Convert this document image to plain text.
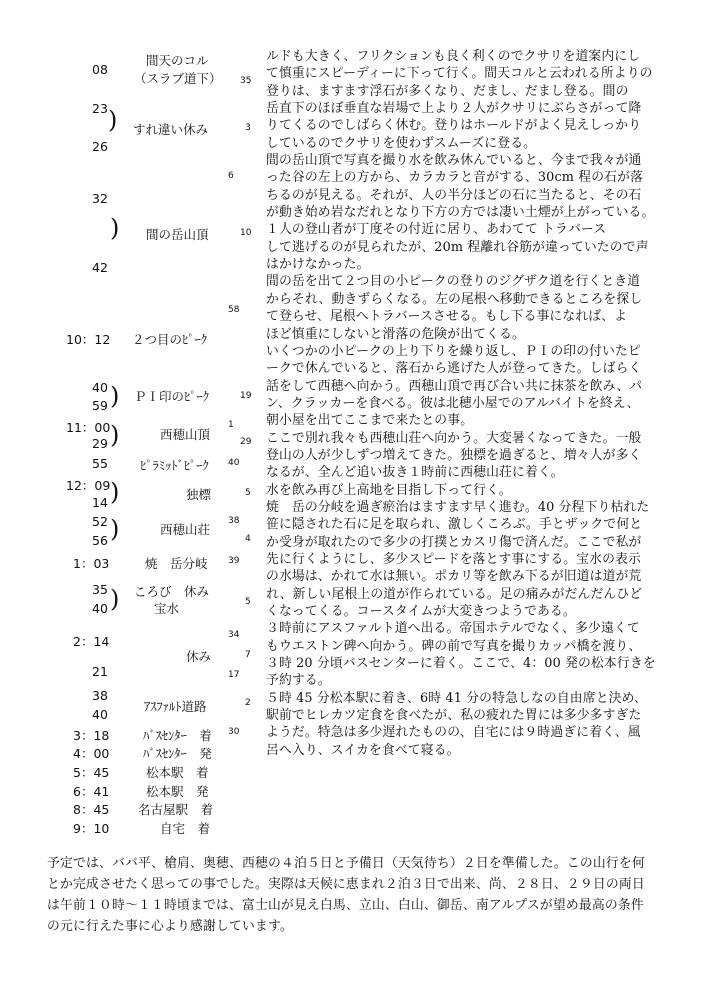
ルドも大きく、フリクションも良く利くのでクサリを道案内にし
て慎重にスピーディーに下って行く。間天コルと云われる所よりの
登りは、ますます浮石が多くなり、だまし、だまし登る。間の
岳直下のほぼ垂直な岩場で上より２人がクサリにぶらさがって降
りてくるのでしばらく休む。登りはホールドがよく見えしっかり
しているのでクサリを使わずスムーズに登る。
間の岳山頂で写真を撮り水を飲み休んでいると、今まで我々が通
った谷の左上の方から、カラカラと音がする、30cm 程の石が落
ちるのが見える。それが、人の半分ほどの石に当たると、その石
が動き始め岩なだれとなり下方の方では凄い土煙が上がっている。
１人の登山者が丁度その付近に居り、あわてて トラバース
して逃げるのが見られたが、20m 程離れ谷筋が違っていたので声
はかけなかった。
間の岳を出て２つ目の小ピークの登りのジグザク道を行くとき道
からそれ、動きずらくなる。左の尾根へ移動できるところを探し
て登らせ、尾根へトラバースさせる。もし下る事になれば、よ
ほど慎重にしないと滑落の危険が出てくる。
いくつかの小ピークの上り下りを繰り返し、ＰＩの印の付いたピ
ークで休んでいると、落石から逃げた人が登ってきた。しばらく
話をして西穂へ向かう。西穂山頂で再び合い共に抹茶を飲み、パ
ン、クラッカーを食べる。彼は北穂小屋でのアルバイトを終え、
朝小屋を出てここまで来たとの事。
ここで別れ我々も西穂山荘へ向かう。大変暑くなってきた。一般
登山の人が少しずつ増えてきた。独標を過ぎると、増々人が多く
なるが、全んど追い抜き１時前に西穂山荘に着く。
水を飲み再び上高地を目指し下って行く。
焼　岳の分岐を過ぎ瘀治はますます早く進む。40 分程下り枯れた
笹に隠された石に足を取られ、激しくころぶ。手とザックで何と
か受身が取れたので多少の打撲とカスリ傷で済んだ。ここで私が
先に行くようにし、多少スピードを落とす事にする。宝水の表示
の水場は、かれて水は無い。ポカリ等を飲み下るが旧道は道が荒
れ、新しい尾根上の道が作られている。足の痛みがだんだんひど
くなってくる。コースタイムが大変きつようである。
３時前にアスファルト道へ出る。帝国ホテルでなく、多少遠くて
もウエストン碑へ向かう。碑の前で写真を撮りカッパ橋を渡り、
３時 20 分頃バスセンターに着く。ここで、4：00 発の松本行きを
予約する。
５時 45 分松本駅に着き、6時 41 分の特急しなの自由席と決め、
駅前でヒレカツ定食を食べたが、私の疲れた胃には多少多すぎた
ようだ。特急は多少遅れたものの、自宅には９時過ぎに着く、風
呂へ入り、スイカを食べて寝る。
予定では、ババ平、槍肩、奥穂、西穂の４泊５日と予備日（天気待ち）２日を準備した。この山行を何
とか完成させたく思っての事でした。実際は天候に恵まれ２泊３日で出来、尚、２８日、２９日の両日
は午前１０時～１１時頃までは、富士山が見え白馬、立山、白山、御岳、南アルプスが望め最高の条件
の元に行えた事に心より感謝しています。
08
23
26
32
42
10：12
40
59
11：00
29
55
12：09
14
52
56
1：03
35
40
2：14
21
38
40
3：18
4：00
5：45
6：41
8：45
9：10
間天のコル
（スラブ道下）
すれ違い休み
間の岳山頂
２つ目のﾋﾟｰｸ
ＰＩ印のﾋﾟｰｸ
西穂山頂
ﾋﾟﾗﾐｯﾄﾞﾋﾟｰｸ
独標
西穂山荘
焼　岳分岐
ころび　休み
宝水
休み
ｱｽﾌｧﾙﾄ道路
ﾊﾞｽｾﾝﾀｰ　着
ﾊﾞｽｾﾝﾀｰ　発
松本駅　着
松本駅　発
名古屋駅　着
自宅　着
35
3
6
10
58
19
1
29
40
5
38
4
39
5
34
7
17
2
30
)
)
)
)
)
)
)
